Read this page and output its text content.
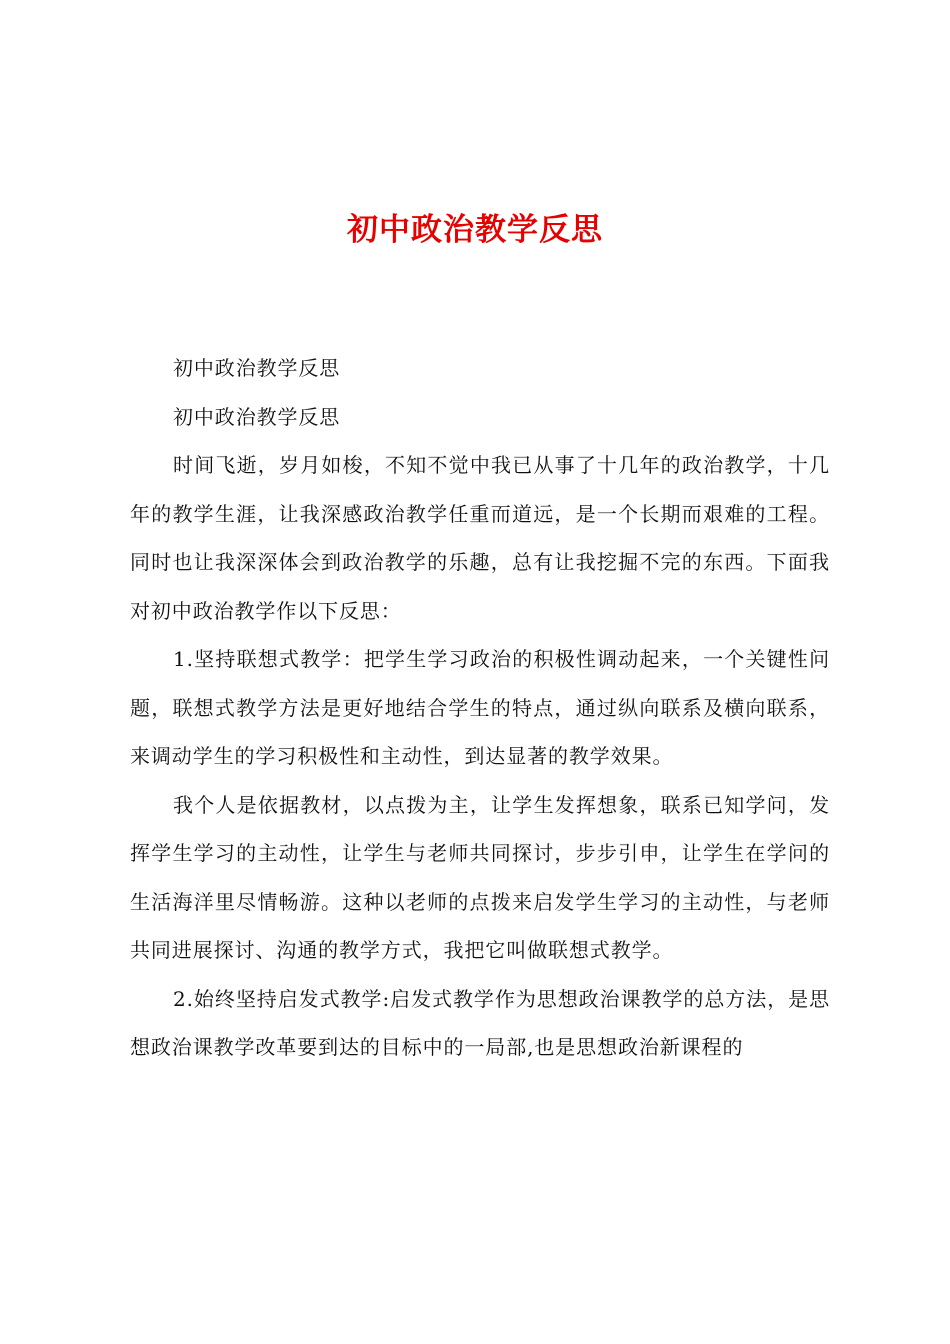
初中政治教学反思

初中政治教学反思

初中政治教学反思

时间飞逝，岁月如梭，不知不觉中我已从事了十几年的政治教学，十几年的教学生涯，让我深感政治教学任重而道远，是一个长期而艰难的工程。同时也让我深深体会到政治教学的乐趣，总有让我挖掘不完的东西。下面我对初中政治教学作以下反思：

1.坚持联想式教学：把学生学习政治的积极性调动起来，一个关键性问题，联想式教学方法是更好地结合学生的特点，通过纵向联系及横向联系，来调动学生的学习积极性和主动性，到达显著的教学效果。

我个人是依据教材，以点拨为主，让学生发挥想象，联系已知学问，发挥学生学习的主动性，让学生与老师共同探讨，步步引申，让学生在学问的生活海洋里尽情畅游。这种以老师的点拨来启发学生学习的主动性，与老师共同进展探讨、沟通的教学方式，我把它叫做联想式教学。

2.始终坚持启发式教学:启发式教学作为思想政治课教学的总方法，是思想政治课教学改革要到达的目标中的一局部,也是思想政治新课程的
